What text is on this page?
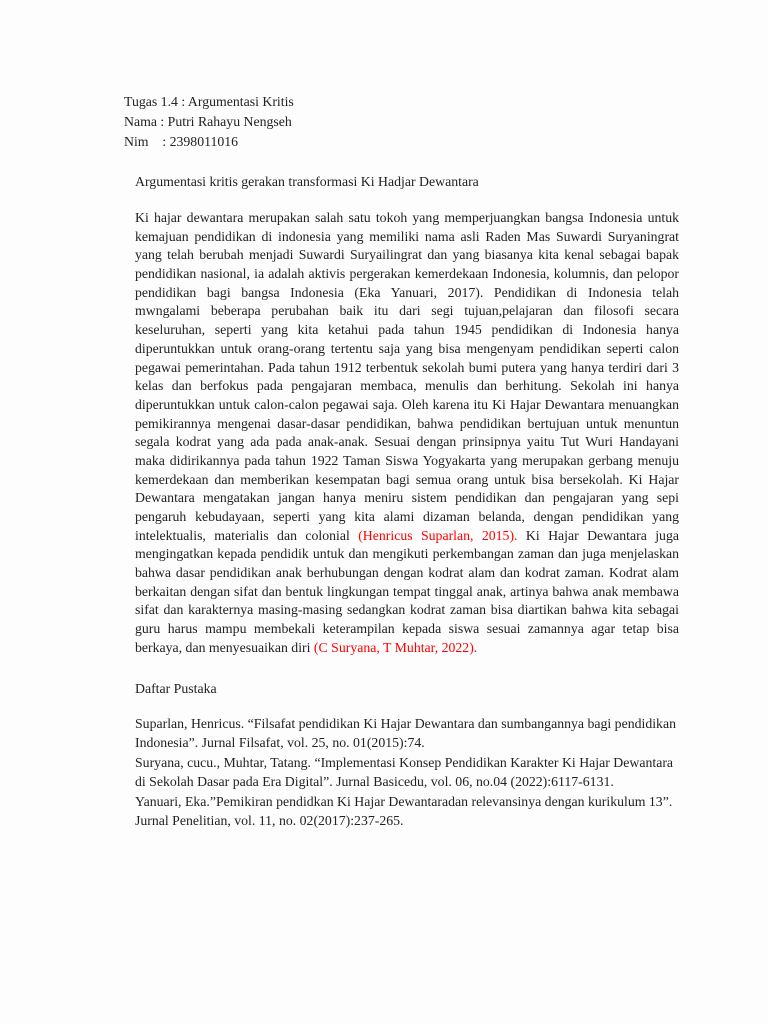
Tugas 1.4 : Argumentasi Kritis
Nama : Putri Rahayu Nengseh
Nim    : 2398011016
Argumentasi kritis gerakan transformasi Ki Hadjar Dewantara
Ki hajar dewantara merupakan salah satu tokoh yang memperjuangkan bangsa Indonesia untuk
kemajuan pendidikan di indonesia yang memiliki nama asli Raden Mas Suwardi Suryaningrat
yang telah berubah menjadi Suwardi Suryailingrat dan yang biasanya kita kenal sebagai bapak
pendidikan nasional, ia adalah aktivis pergerakan kemerdekaan Indonesia, kolumnis, dan pelopor
pendidikan bagi bangsa Indonesia (Eka Yanuari, 2017). Pendidikan di Indonesia telah
mwngalami beberapa perubahan baik itu dari segi tujuan,pelajaran dan filosofi secara
keseluruhan, seperti yang kita ketahui pada tahun 1945 pendidikan di Indonesia hanya
diperuntukkan untuk orang-orang tertentu saja yang bisa mengenyam pendidikan seperti calon
pegawai pemerintahan. Pada tahun 1912 terbentuk sekolah bumi putera yang hanya terdiri dari 3
kelas dan berfokus pada pengajaran membaca, menulis dan berhitung. Sekolah ini hanya
diperuntukkan untuk calon-calon pegawai saja. Oleh karena itu Ki Hajar Dewantara menuangkan
pemikirannya mengenai dasar-dasar pendidikan, bahwa pendidikan bertujuan untuk menuntun
segala kodrat yang ada pada anak-anak. Sesuai dengan prinsipnya yaitu Tut Wuri Handayani
maka didirikannya pada tahun 1922 Taman Siswa Yogyakarta yang merupakan gerbang menuju
kemerdekaan dan memberikan kesempatan bagi semua orang untuk bisa bersekolah. Ki Hajar
Dewantara mengatakan jangan hanya meniru sistem pendidikan dan pengajaran yang sepi
pengaruh kebudayaan, seperti yang kita alami dizaman belanda, dengan pendidikan yang
intelektualis, materialis dan colonial (Henricus Suparlan, 2015). Ki Hajar Dewantara juga
mengingatkan kepada pendidik untuk dan mengikuti perkembangan zaman dan juga menjelaskan
bahwa dasar pendidikan anak berhubungan dengan kodrat alam dan kodrat zaman. Kodrat alam
berkaitan dengan sifat dan bentuk lingkungan tempat tinggal anak, artinya bahwa anak membawa
sifat dan karakternya masing-masing sedangkan kodrat zaman bisa diartikan bahwa kita sebagai
guru harus mampu membekali keterampilan kepada siswa sesuai zamannya agar tetap bisa
berkaya, dan menyesuaikan diri (C Suryana, T Muhtar, 2022).
Daftar Pustaka
Suparlan, Henricus. “Filsafat pendidikan Ki Hajar Dewantara dan sumbangannya bagi pendidikan
Indonesia”. Jurnal Filsafat, vol. 25, no. 01(2015):74.
Suryana, cucu., Muhtar, Tatang. “Implementasi Konsep Pendidikan Karakter Ki Hajar Dewantara
di Sekolah Dasar pada Era Digital”. Jurnal Basicedu, vol. 06, no.04 (2022):6117-6131.
Yanuari, Eka.”Pemikiran pendidkan Ki Hajar Dewantaradan relevansinya dengan kurikulum 13”.
Jurnal Penelitian, vol. 11, no. 02(2017):237-265.
